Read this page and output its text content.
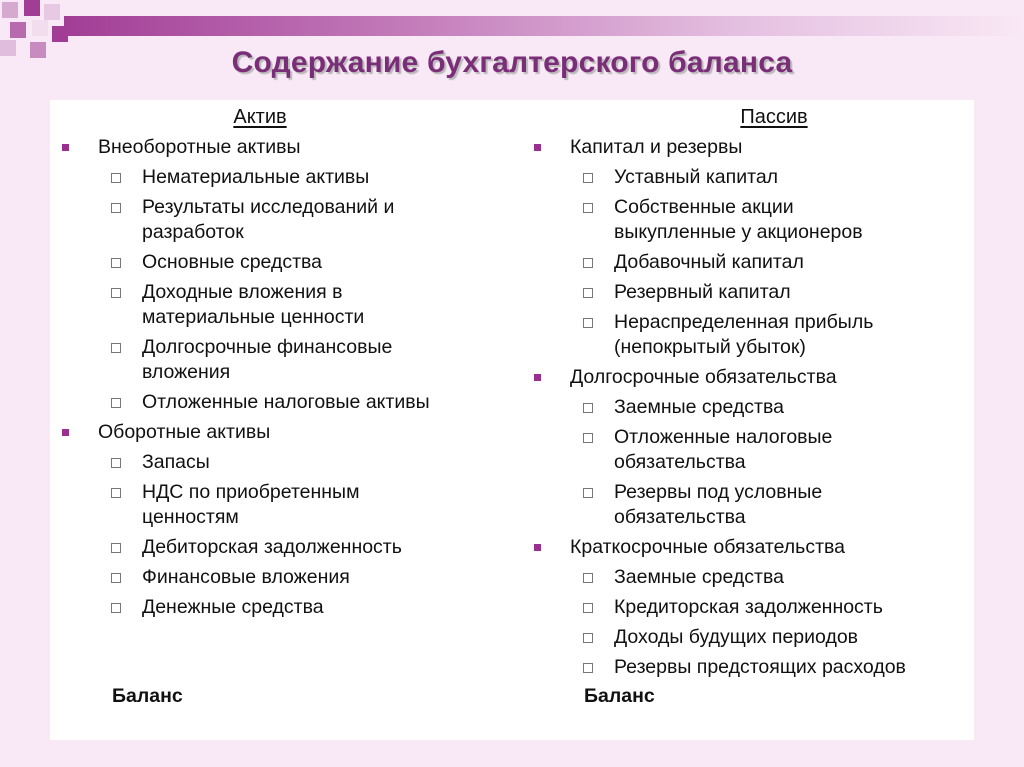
Содержание бухгалтерского баланса
Актив
Внеоборотные активы
Нематериальные активы
Результаты исследований и
разработок
Основные средства
Доходные вложения в
материальные ценности
Долгосрочные финансовые
вложения
Отложенные налоговые активы
Оборотные активы
Запасы
НДС по приобретенным
ценностям
Дебиторская задолженность
Финансовые вложения
Денежные средства
Баланс
Пассив
Капитал и резервы
Уставный капитал
Собственные акции
выкупленные у акционеров
Добавочный капитал
Резервный капитал
Нераспределенная прибыль
(непокрытый убыток)
Долгосрочные обязательства
Заемные средства
Отложенные налоговые
обязательства
Резервы под условные
обязательства
Краткосрочные обязательства
Заемные средства
Кредиторская задолженность
Доходы будущих периодов
Резервы предстоящих расходов
Баланс
